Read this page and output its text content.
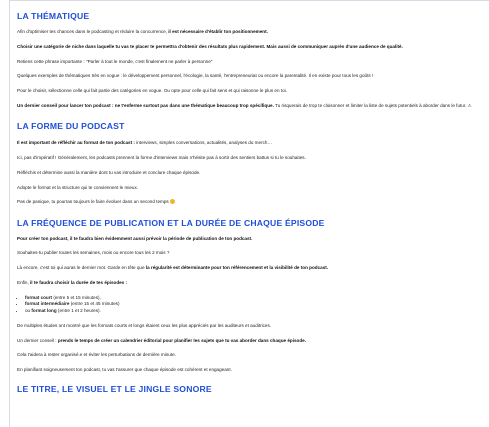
LA THÉMATIQUE

Afin d'optimiser tes chances dans le podcasting et réduire la concurrence, il est nécessaire d'établir ton positionnement.

Choisir une catégorie de niche dans laquelle tu vas te placer te permettra d'obtenir des résultats plus rapidement. Mais aussi de communiquer auprès d'une audience de qualité.

Retiens cette phrase importante : "Parler à tout le monde, c'est finalement ne parler à personne"

Quelques exemples de thématiques très en vogue : le développement personnel, l'écologie, la santé, l'entrepreneuriat ou encore la parentalité. Il en existe pour tous les goûts !

Pour le choisir, sélectionne celle qui fait partie des catégories en vogue. Ou opte pour celle qui fait sens et qui raisonne le plus en toi.

Un dernier conseil pour lancer ton podcast : ne t'enferme surtout pas dans une thématique beaucoup trop spécifique. Tu risquerais de trop te cloisonner et limiter la liste de sujets potentiels à aborder dans le futur. ⚠

LA FORME DU PODCAST

Il est important de réfléchir au format de ton podcast : interviews, simples conversations, actualités, analyses du merch…

Ici, pas d'impératif ! Généralement, les podcasts prennent la forme d'interviews mais n'hésite pas à sortir des sentiers battus si tu le souhaites.

Réfléchis et détermine aussi la manière dont tu vas introduire et conclure chaque épisode.

Adopte le format et la structure qui te conviennent le mieux.

Pas de panique, tu pourras toujours le faire évoluer dans un second temps

LA FRÉQUENCE DE PUBLICATION ET LA DURÉE DE CHAQUE ÉPISODE

Pour créer ton podcast, il te faudra bien évidemment aussi prévoir la période de publication de ton podcast.

Souhaites-tu publier toutes les semaines, mois ou encore tous les 2 mois ?

Là encore, c'est toi qui auras le dernier mot. Garde en tête que la régularité est déterminante pour ton référencement et la visibilité de ton podcast.

Enfin, il te faudra choisir la durée de tes épisodes :

• format court (entre 5 et 15 minutes),
• format intermédiaire (entre 15 et 45 minutes)
• ou format long (entre 1 et 2 heures).

De multiples études ont montré que les formats courts et longs étaient ceux les plus appréciés par les auditeurs et auditrices.

Un dernier conseil : prends le temps de créer un calendrier éditorial pour planifier les sujets que tu vas aborder dans chaque épisode.

Cela t'aidera à rester organisé.e et éviter les perturbations de dernière minute.

En planifiant soigneusement ton podcast, tu vas t'assurer que chaque épisode est cohérent et engageant.

LE TITRE, LE VISUEL ET LE JINGLE SONORE
